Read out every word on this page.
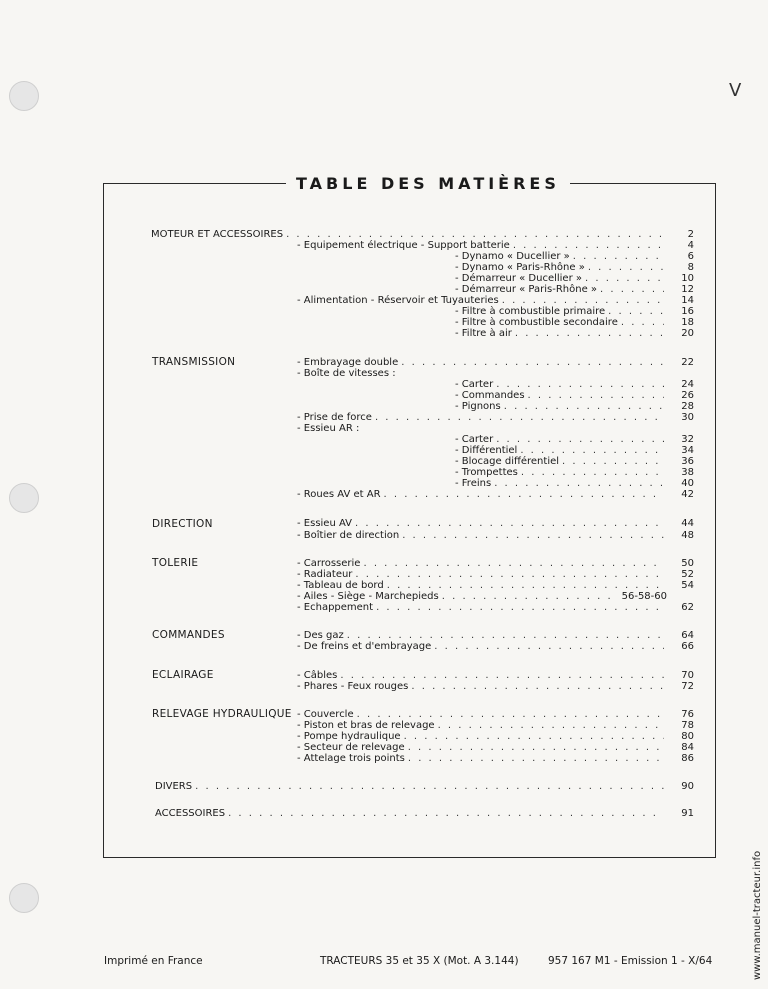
V
TABLE DES MATIÈRES
MOTEUR ET ACCESSOIRES . . .	2
- Equipement électrique - Support batterie . . .	4
- Dynamo « Ducellier » . . .	6
- Dynamo « Paris-Rhône » . . .	8
- Démarreur « Ducellier » . . .	10
- Démarreur « Paris-Rhône » . . .	12
- Alimentation - Réservoir et Tuyauteries . . .	14
- Filtre à combustible primaire . . .	16
- Filtre à combustible secondaire . . .	18
- Filtre à air . . .	20
TRANSMISSION	- Embrayage double . . .	22
- Boîte de vitesses :
- Carter . . .	24
- Commandes . . .	26
- Pignons . . .	28
- Prise de force . . .	30
- Essieu AR :
- Carter . . .	32
- Différentiel . . .	34
- Blocage différentiel . . .	36
- Trompettes . . .	38
- Freins . . .	40
- Roues AV et AR . . .	42
DIRECTION	- Essieu AV . . .	44
- Boîtier de direction . . .	48
TOLERIE	- Carrosserie . . .	50
- Radiateur . . .	52
- Tableau de bord . . .	54
- Ailes - Siège - Marchepieds . . .	56-58-60
- Echappement . . .	62
COMMANDES	- Des gaz . . .	64
- De freins et d'embrayage . . .	66
ECLAIRAGE	- Câbles . . .	70
- Phares - Feux rouges . . .	72
RELEVAGE HYDRAULIQUE - Couvercle . . .	76
- Piston et bras de relevage . . .	78
- Pompe hydraulique . . .	80
- Secteur de relevage . . .	84
- Attelage trois points . . .	86
DIVERS . . .	90
ACCESSOIRES . . .	91
Imprimé en France	TRACTEURS 35 et 35 X (Mot. A 3.144)	957 167 M1 - Emission 1 - X/64	www.manuel-tracteur.info
